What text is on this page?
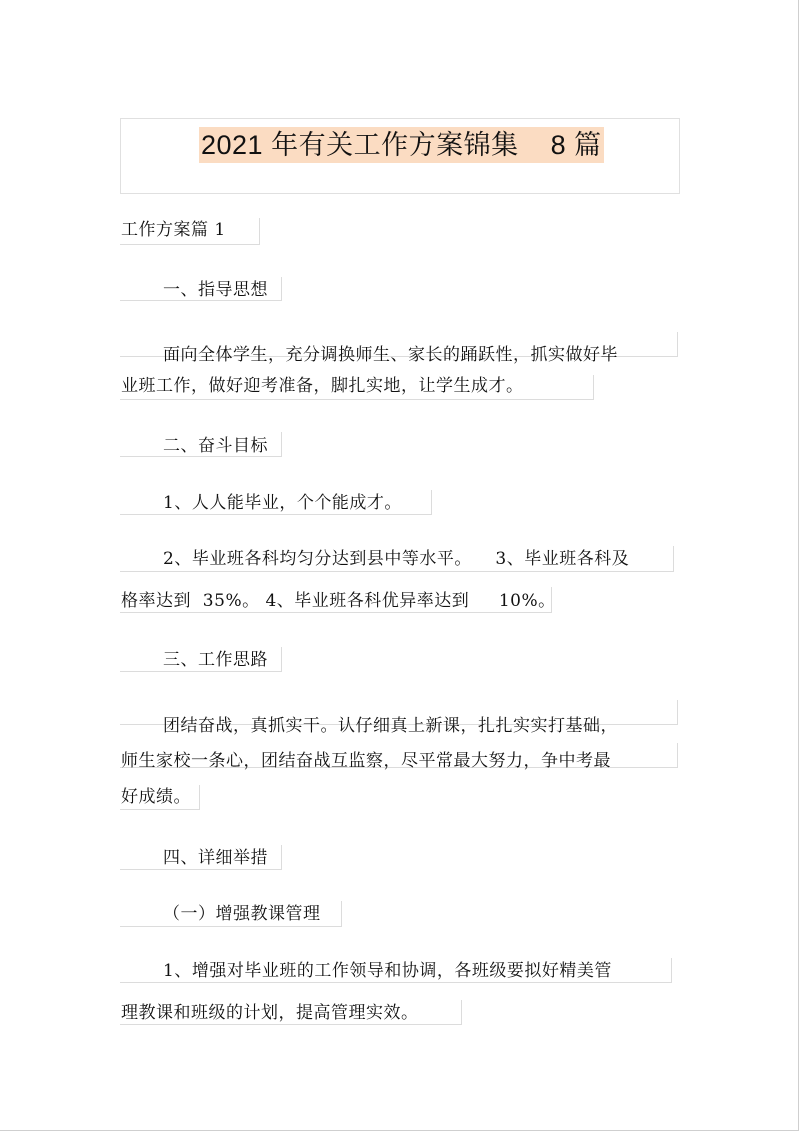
2021 年有关工作方案锦集    8 篇
工作方案篇 1
一、指导思想
面向全体学生，充分调换师生、家长的踊跃性，抓实做好毕
业班工作，做好迎考准备，脚扎实地，让学生成才。
二、奋斗目标
1、人人能毕业，个个能成才。
2、毕业班各科均匀分达到县中等水平。    3、毕业班各科及
格率达到  35%。 4、毕业班各科优异率达到     10%。
三、工作思路
团结奋战，真抓实干。认仔细真上新课，扎扎实实打基础，
师生家校一条心，团结奋战互监察，尽平常最大努力，争中考最
好成绩。
四、详细举措
（一）增强教课管理
1、增强对毕业班的工作领导和协调，各班级要拟好精美管
理教课和班级的计划，提高管理实效。
